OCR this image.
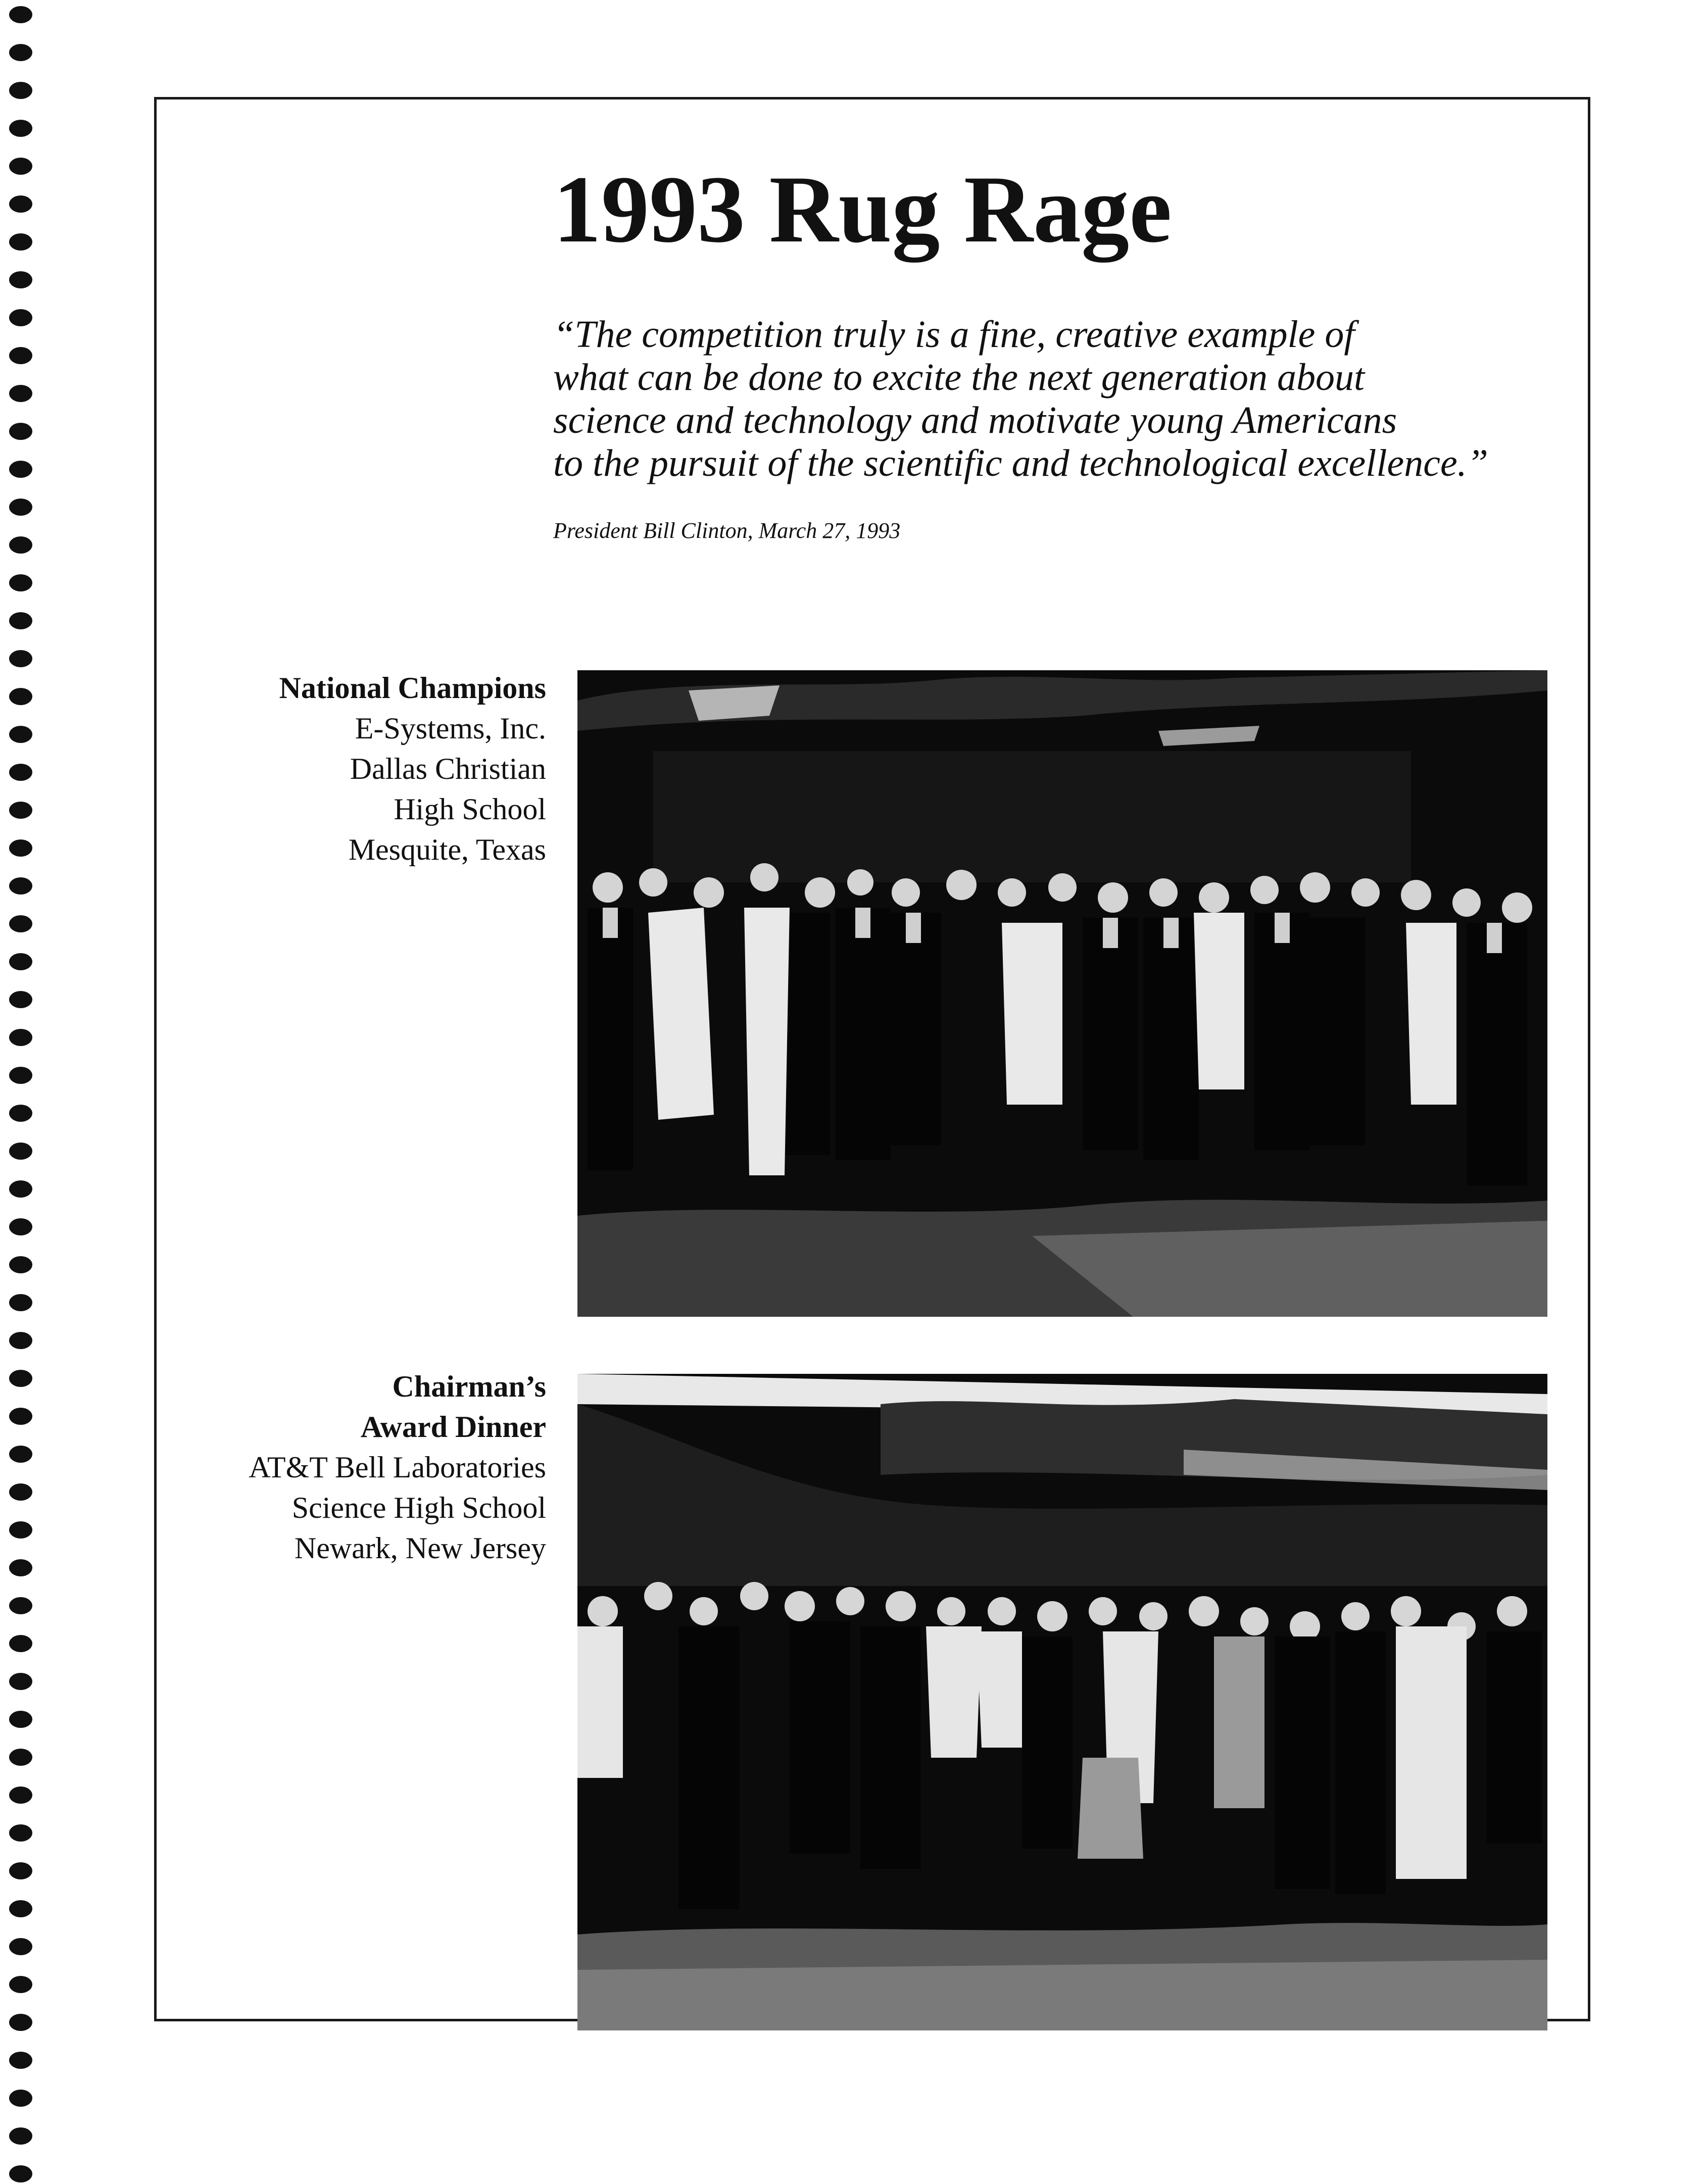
1993 Rug Rage

“The competition truly is a fine, creative example of
what can be done to excite the next generation about
science and technology and motivate young Americans
to the pursuit of the scientific and technological excellence.”

President Bill Clinton, March 27, 1993

National Champions
E-Systems, Inc.
Dallas Christian
High School
Mesquite, Texas
Chairman’s
Award Dinner
AT&T Bell Laboratories
Science High School
Newark, New Jersey
